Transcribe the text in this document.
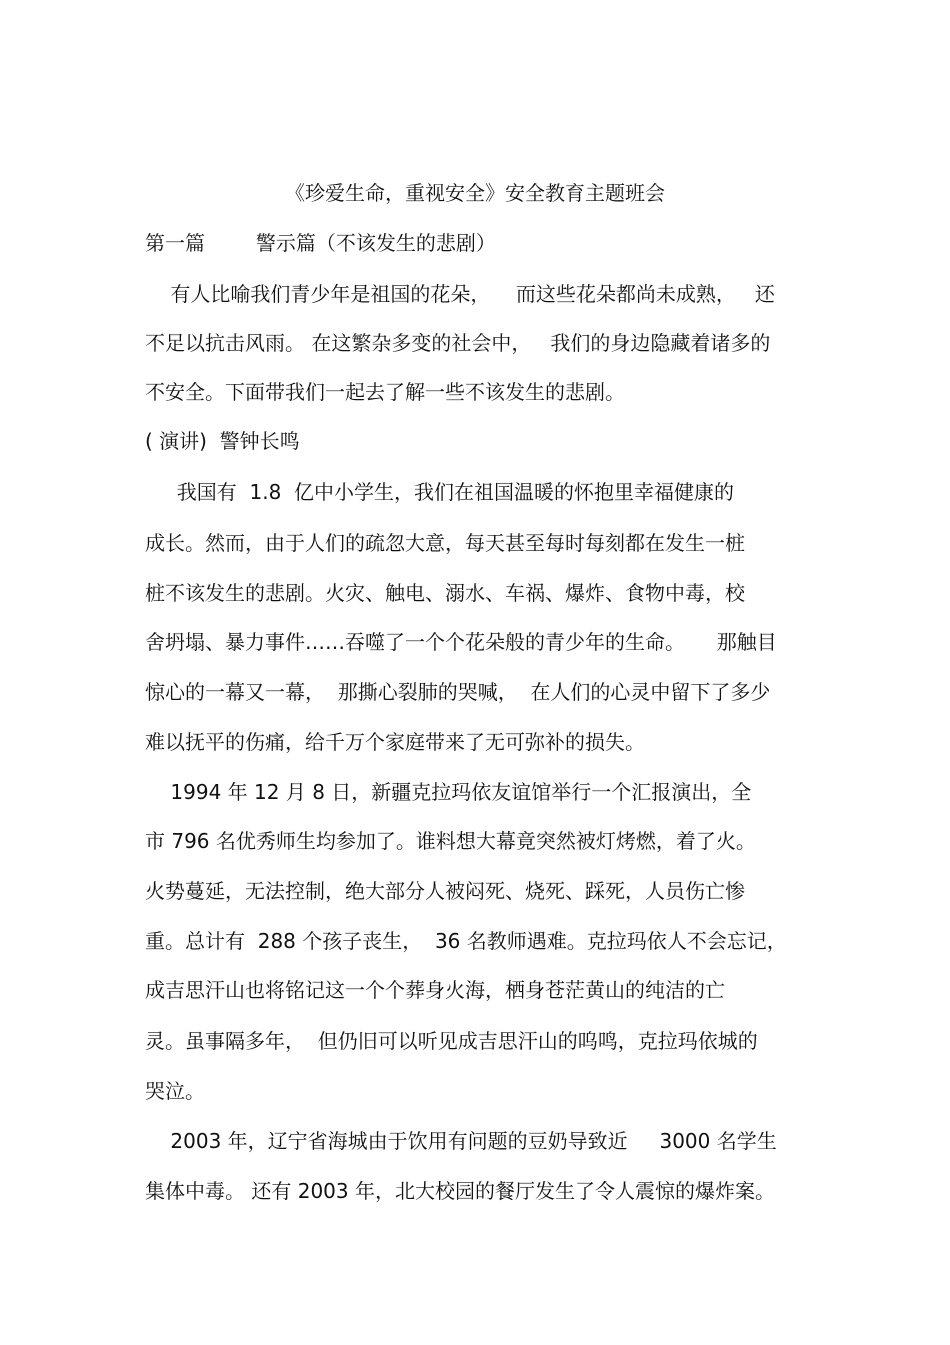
《珍爱生命，重视安全》安全教育主题班会
第一篇        警示篇（不该发生的悲剧）
有人比喻我们青少年是祖国的花朵，    而这些花朵都尚未成熟，   还
不足以抗击风雨。 在这繁杂多变的社会中，   我们的身边隐藏着诸多的
不安全。下面带我们一起去了解一些不该发生的悲剧。
( 演讲)  警钟长鸣
我国有  1.8  亿中小学生，我们在祖国温暖的怀抱里幸福健康的
成长。然而，由于人们的疏忽大意，每天甚至每时每刻都在发生一桩
桩不该发生的悲剧。火灾、触电、溺水、车祸、爆炸、食物中毒，校
舍坍塌、暴力事件……吞噬了一个个花朵般的青少年的生命。     那触目
惊心的一幕又一幕，  那撕心裂肺的哭喊，  在人们的心灵中留下了多少
难以抚平的伤痛，给千万个家庭带来了无可弥补的损失。
1994 年 12 月 8 日，新疆克拉玛依友谊馆举行一个汇报演出，全
市 796 名优秀师生均参加了。谁料想大幕竟突然被灯烤燃，着了火。
火势蔓延，无法控制，绝大部分人被闷死、烧死、踩死，人员伤亡惨
重。总计有  288 个孩子丧生，  36 名教师遇难。克拉玛依人不会忘记，
成吉思汗山也将铭记这一个个葬身火海，栖身苍茫黄山的纯洁的亡
灵。虽事隔多年，  但仍旧可以听见成吉思汗山的呜鸣，克拉玛依城的
哭泣。
2003 年，辽宁省海城由于饮用有问题的豆奶导致近     3000 名学生
集体中毒。 还有 2003 年，北大校园的餐厅发生了令人震惊的爆炸案。
